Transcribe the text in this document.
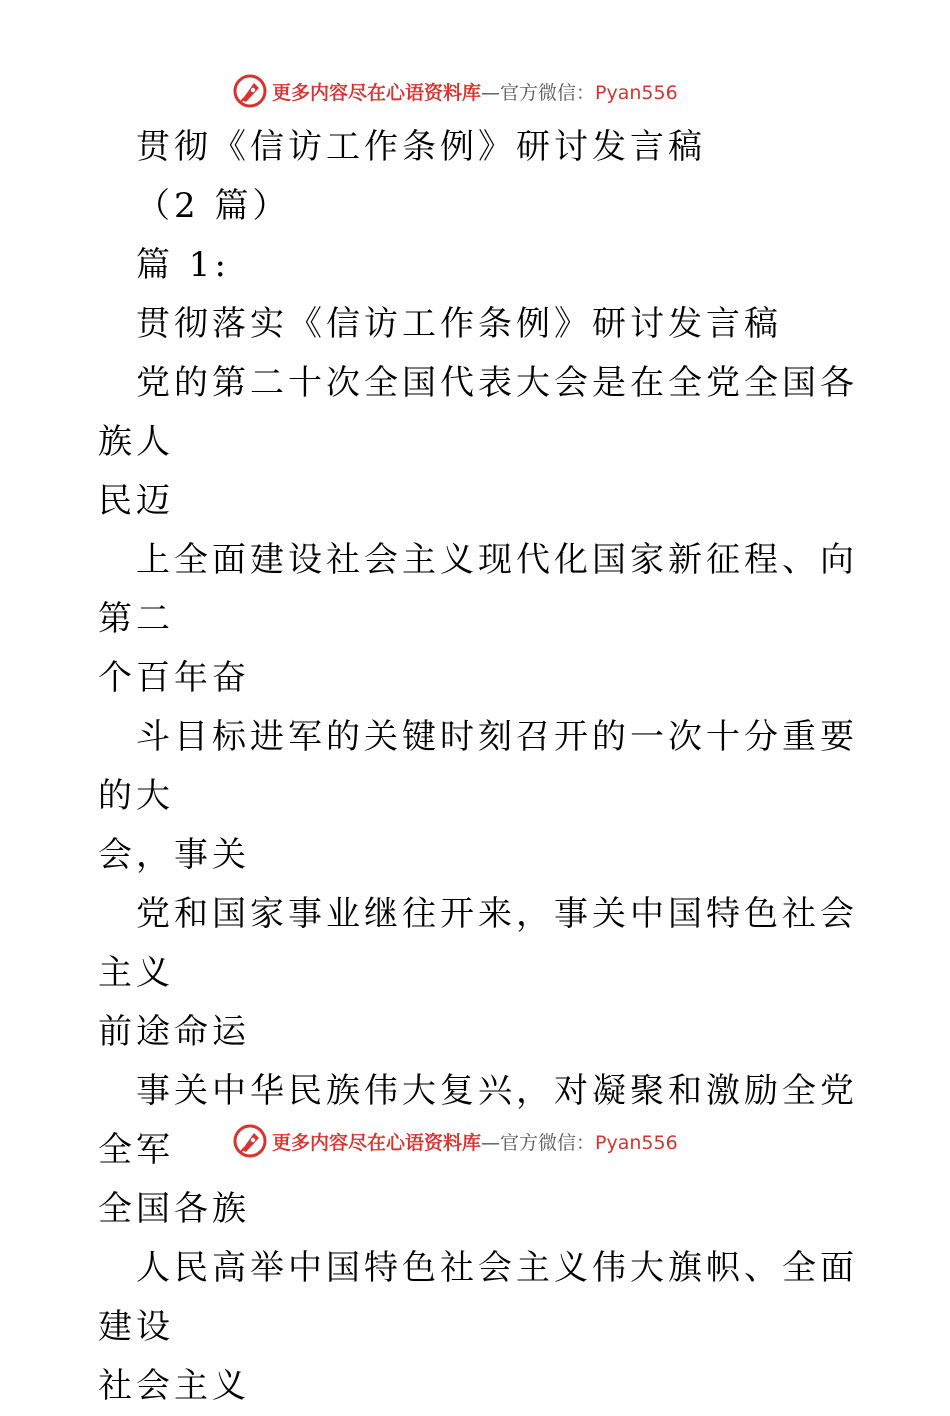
更多内容尽在心语资料库—官方微信：Pyan556

贯彻《信访工作条例》研讨发言稿

（2 篇）

篇 1:

贯彻落实《信访工作条例》研讨发言稿

党的第二十次全国代表大会是在全党全国各族人

民迈

上全面建设社会主义现代化国家新征程、向第二

个百年奋

斗目标进军的关键时刻召开的一次十分重要的大

会，事关

党和国家事业继往开来，事关中国特色社会主义

前途命运

事关中华民族伟大复兴，对凝聚和激励全党全军

全国各族

人民高举中国特色社会主义伟大旗帜、全面建设

社会主义

更多内容尽在心语资料库—官方微信：Pyan556
